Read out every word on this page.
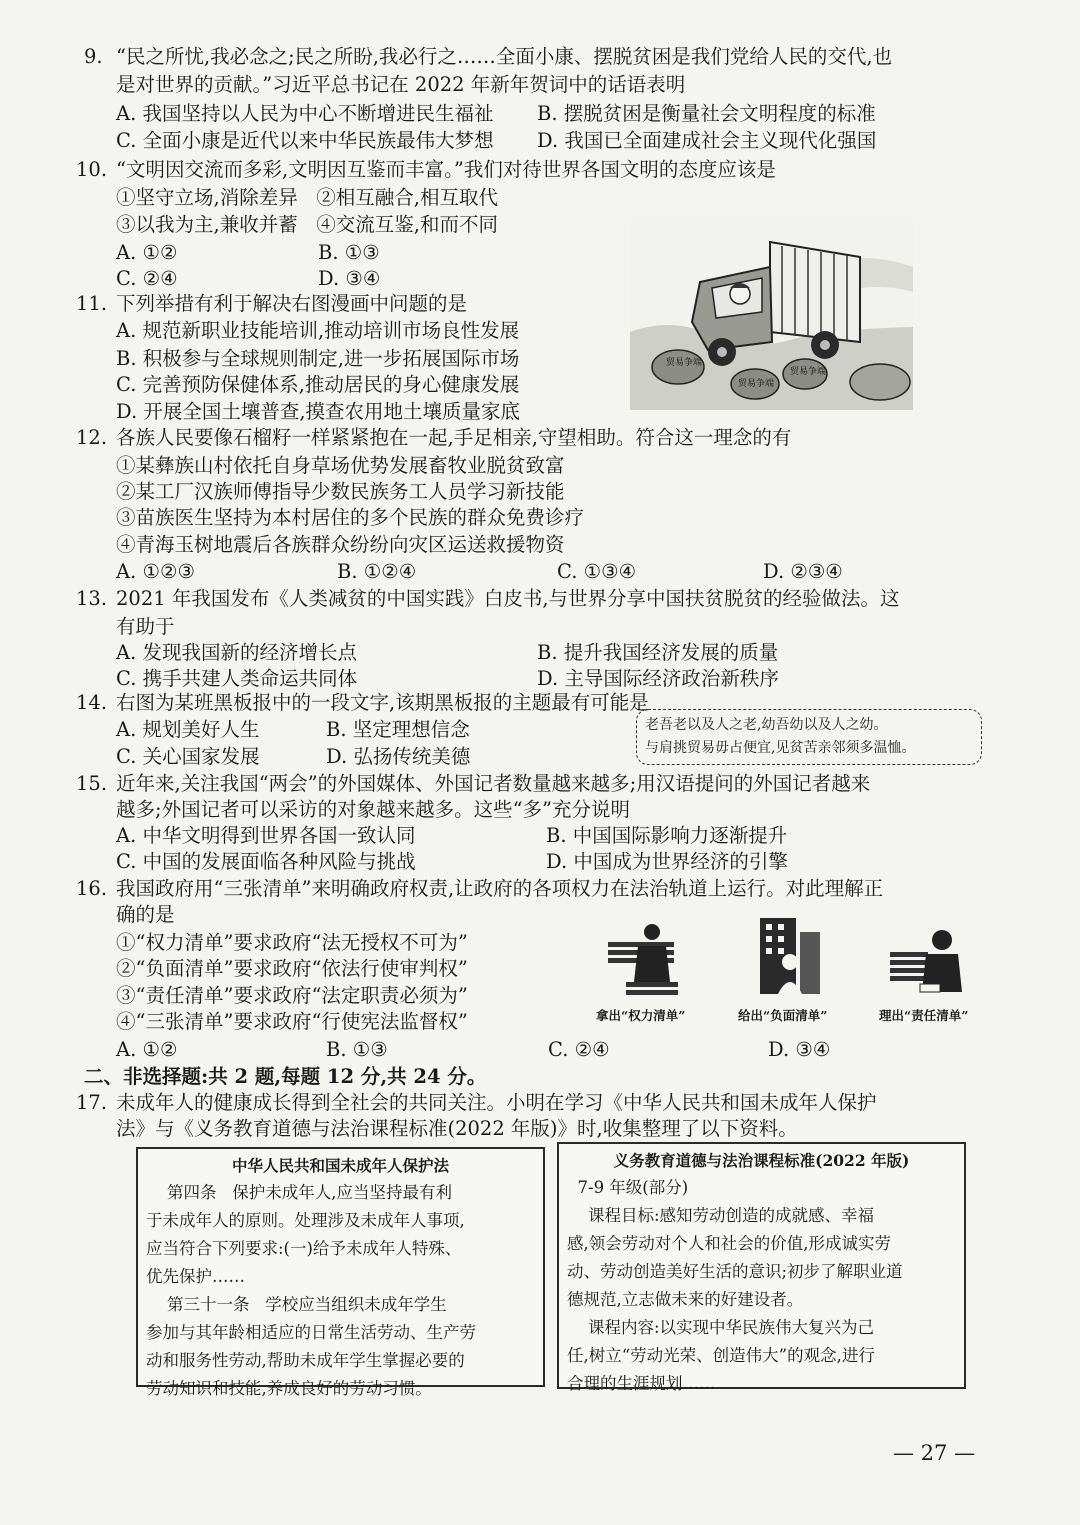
9. “民之所忧,我必念之;民之所盼,我必行之……全面小康、摆脱贫困是我们党给人民的交代,也
是对世界的贡献。”习近平总书记在 2022 年新年贺词中的话语表明
A. 我国坚持以人民为中心不断增进民生福祉 B. 摆脱贫困是衡量社会文明程度的标准
C. 全面小康是近代以来中华民族最伟大梦想 D. 我国已全面建成社会主义现代化强国
10. “文明因交流而多彩,文明因互鉴而丰富。”我们对待世界各国文明的态度应该是
①坚守立场,消除差异   ②相互融合,相互取代
③以我为主,兼收并蓄   ④交流互鉴,和而不同
A. ①②	B. ①③
C. ②④	D. ③④
贸易争端
贸易争端
贸易争端
11. 下列举措有利于解决右图漫画中问题的是
A. 规范新职业技能培训,推动培训市场良性发展
B. 积极参与全球规则制定,进一步拓展国际市场
C. 完善预防保健体系,推动居民的身心健康发展
D. 开展全国土壤普查,摸查农用地土壤质量家底
12. 各族人民要像石榴籽一样紧紧抱在一起,手足相亲,守望相助。符合这一理念的有
①某彝族山村依托自身草场优势发展畜牧业脱贫致富
②某工厂汉族师傅指导少数民族务工人员学习新技能
③苗族医生坚持为本村居住的多个民族的群众免费诊疗
④青海玉树地震后各族群众纷纷向灾区运送救援物资
A. ①②③	B. ①②④	C. ①③④	D. ②③④
13. 2021 年我国发布《人类减贫的中国实践》白皮书,与世界分享中国扶贫脱贫的经验做法。这
有助于
A. 发现我国新的经济增长点	B. 提升我国经济发展的质量
C. 携手共建人类命运共同体	D. 主导国际经济政治新秩序
14. 右图为某班黑板报中的一段文字,该期黑板报的主题最有可能是
A. 规划美好人生	B. 坚定理想信念
C. 关心国家发展	D. 弘扬传统美德
老吾老以及人之老,幼吾幼以及人之幼。
与肩挑贸易毋占便宜,见贫苦亲邻须多温恤。
15. 近年来,关注我国“两会”的外国媒体、外国记者数量越来越多;用汉语提问的外国记者越来
越多;外国记者可以采访的对象越来越多。这些“多”充分说明
A. 中华文明得到世界各国一致认同	B. 中国国际影响力逐渐提升
C. 中国的发展面临各种风险与挑战	D. 中国成为世界经济的引擎
16. 我国政府用“三张清单”来明确政府权责,让政府的各项权力在法治轨道上运行。对此理解正
确的是
①“权力清单”要求政府“法无授权不可为”
②“负面清单”要求政府“依法行使审判权”
③“责任清单”要求政府“法定职责必须为”
④“三张清单”要求政府“行使宪法监督权”
A. ①②	B. ①③	C. ②④	D. ③④
拿出“权力清单”	给出“负面清单”	理出“责任清单”
二、非选择题:共 2 题,每题 12 分,共 24 分。
17. 未成年人的健康成长得到全社会的共同关注。小明在学习《中华人民共和国未成年人保护
法》与《义务教育道德与法治课程标准(2022 年版)》时,收集整理了以下资料。
中华人民共和国未成年人保护法
第四条   保护未成年人,应当坚持最有利
于未成年人的原则。处理涉及未成年人事项,
应当符合下列要求:(一)给予未成年人特殊、
优先保护……
第三十一条   学校应当组织未成年学生
参加与其年龄相适应的日常生活劳动、生产劳
动和服务性劳动,帮助未成年学生掌握必要的
劳动知识和技能,养成良好的劳动习惯。
义务教育道德与法治课程标准(2022 年版)
7-9 年级(部分)
课程目标:感知劳动创造的成就感、幸福
感,领会劳动对个人和社会的价值,形成诚实劳
动、劳动创造美好生活的意识;初步了解职业道
德规范,立志做未来的好建设者。
课程内容:以实现中华民族伟大复兴为己
任,树立“劳动光荣、创造伟大”的观念,进行
合理的生涯规划……
— 27 —
